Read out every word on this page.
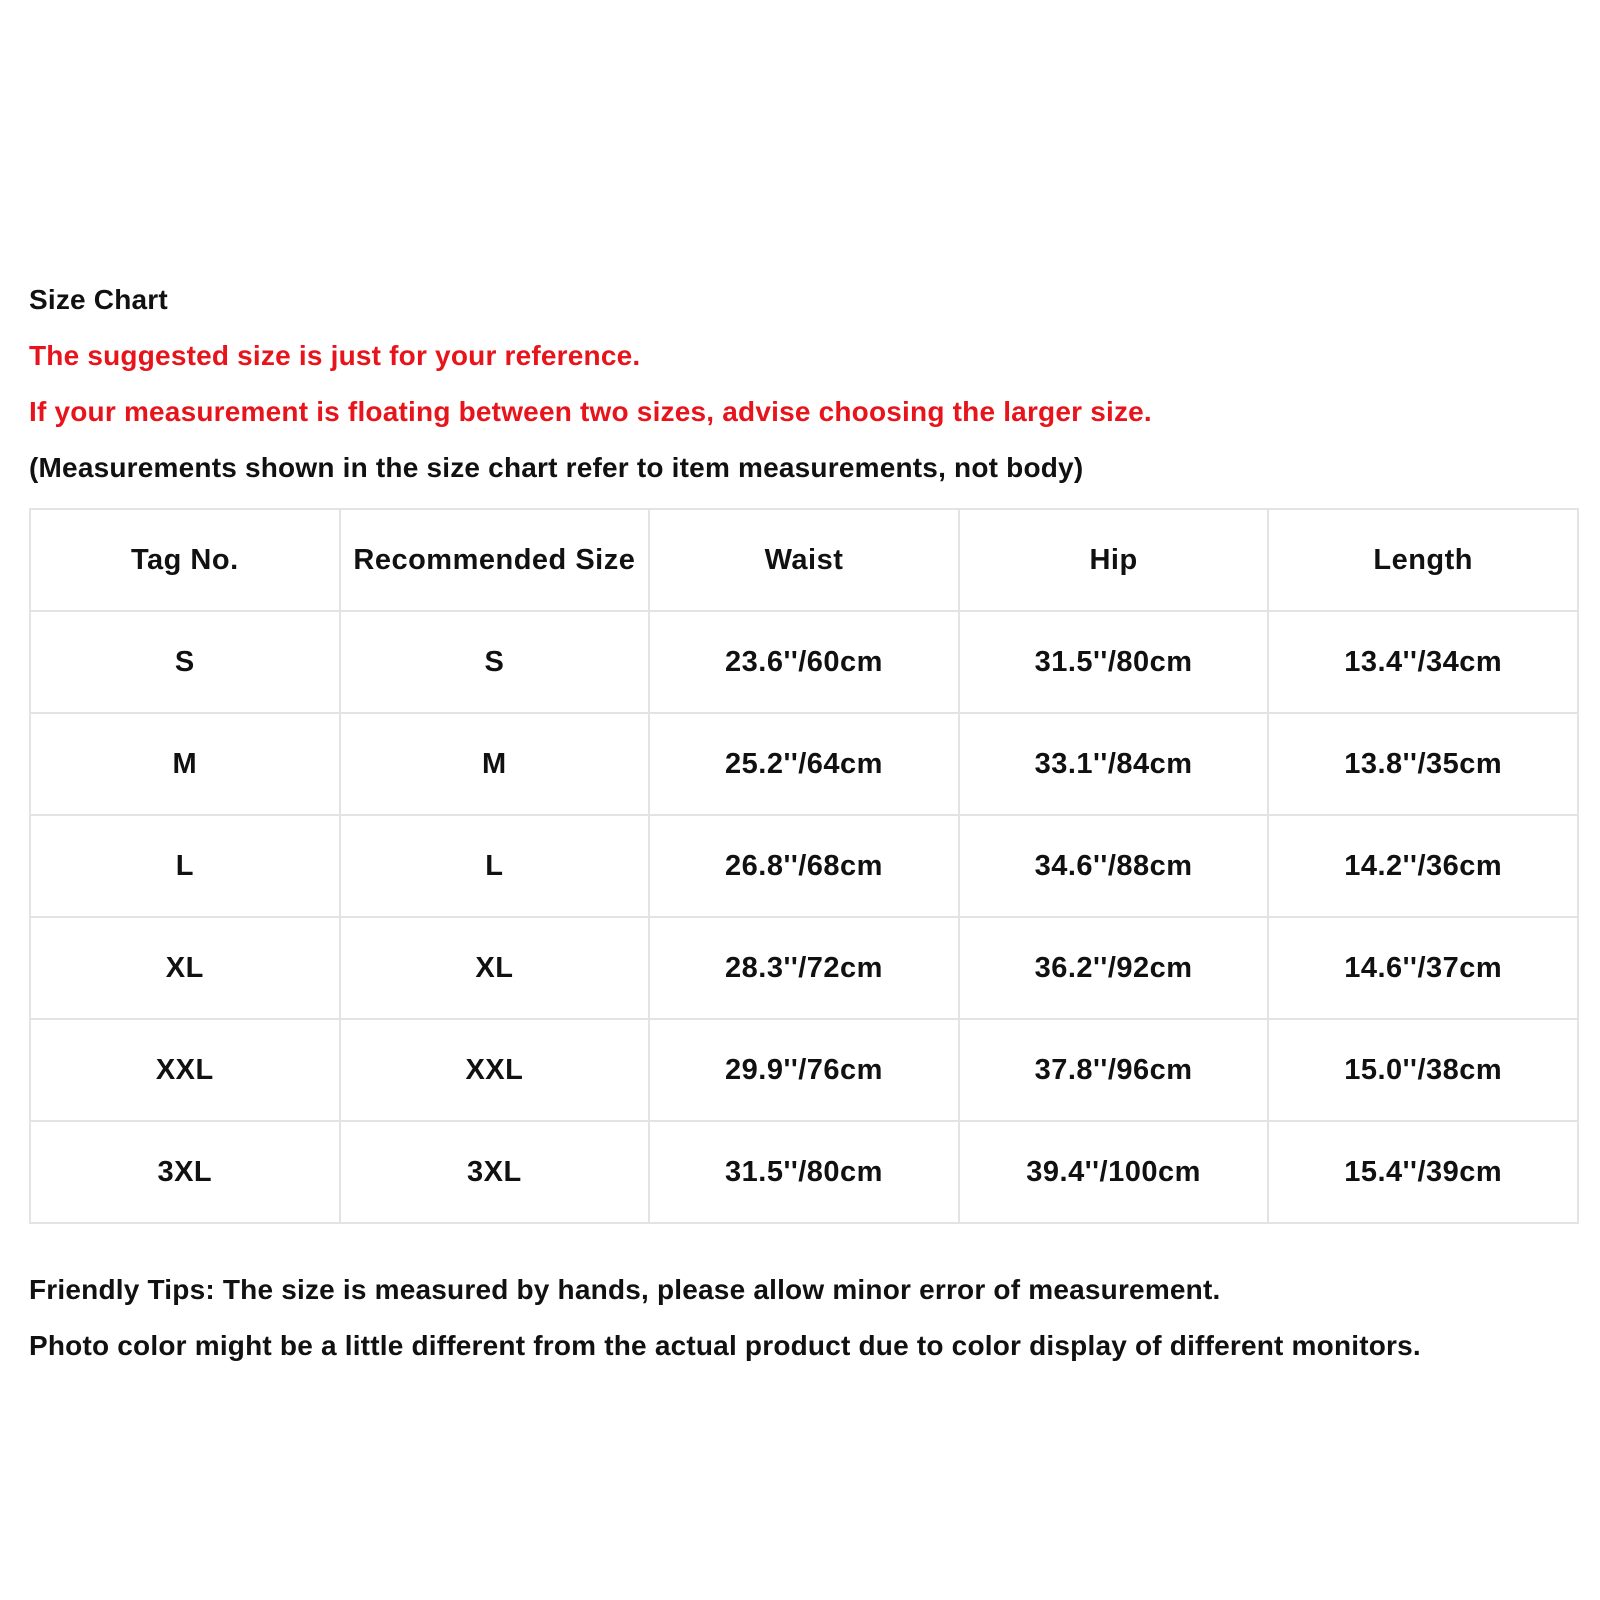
Size Chart
The suggested size is just for your reference.
If your measurement is floating between two sizes, advise choosing the larger size.
(Measurements shown in the size chart refer to item measurements, not body)
Tag No.	Recommended Size	Waist	Hip	Length
S	S	23.6''/60cm	31.5''/80cm	13.4''/34cm
M	M	25.2''/64cm	33.1''/84cm	13.8''/35cm
L	L	26.8''/68cm	34.6''/88cm	14.2''/36cm
XL	XL	28.3''/72cm	36.2''/92cm	14.6''/37cm
XXL	XXL	29.9''/76cm	37.8''/96cm	15.0''/38cm
3XL	3XL	31.5''/80cm	39.4''/100cm	15.4''/39cm
Friendly Tips: The size is measured by hands, please allow minor error of measurement.
Photo color might be a little different from the actual product due to color display of different monitors.
